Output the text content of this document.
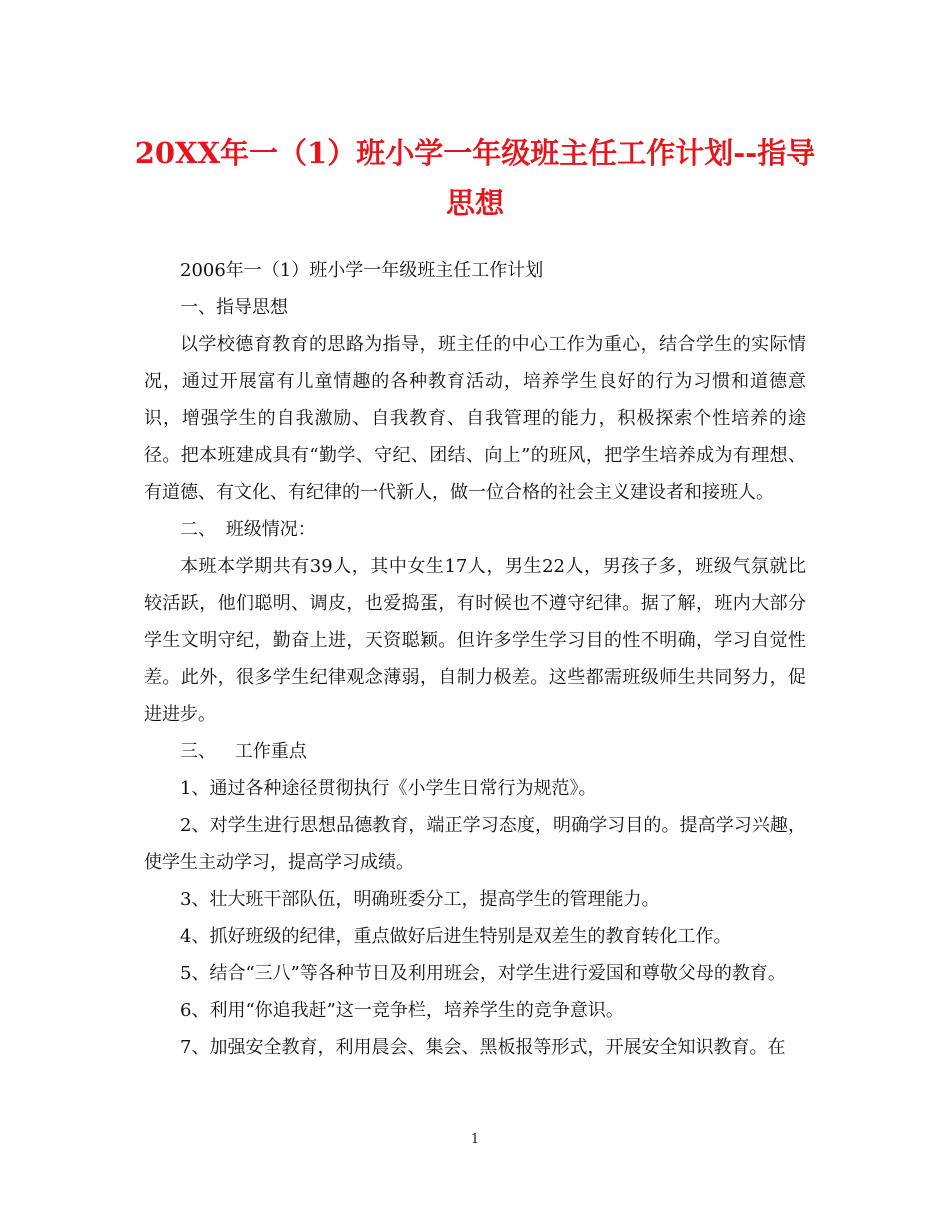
20XX年一（1）班小学一年级班主任工作计划--指导思想

2006年一（1）班小学一年级班主任工作计划

一、指导思想

以学校德育教育的思路为指导，班主任的中心工作为重心，结合学生的实际情况，通过开展富有儿童情趣的各种教育活动，培养学生良好的行为习惯和道德意识，增强学生的自我激励、自我教育、自我管理的能力，积极探索个性培养的途径。把本班建成具有“勤学、守纪、团结、向上”的班风，把学生培养成为有理想、有道德、有文化、有纪律的一代新人，做一位合格的社会主义建设者和接班人。

二、 班级情况：

本班本学期共有39人，其中女生17人，男生22人，男孩子多，班级气氛就比较活跃，他们聪明、调皮，也爱捣蛋，有时候也不遵守纪律。据了解，班内大部分学生文明守纪，勤奋上进，天资聪颖。但许多学生学习目的性不明确，学习自觉性差。此外，很多学生纪律观念薄弱，自制力极差。这些都需班级师生共同努力，促进进步。

三、　 工作重点

1、通过各种途径贯彻执行《小学生日常行为规范》。

2、对学生进行思想品德教育，端正学习态度，明确学习目的。提高学习兴趣，使学生主动学习，提高学习成绩。

3、壮大班干部队伍，明确班委分工，提高学生的管理能力。

4、抓好班级的纪律，重点做好后进生特别是双差生的教育转化工作。

5、结合“三八”等各种节日及利用班会，对学生进行爱国和尊敬父母的教育。

6、利用“你追我赶”这一竞争栏，培养学生的竞争意识。

7、加强安全教育，利用晨会、集会、黑板报等形式，开展安全知识教育。在

1
